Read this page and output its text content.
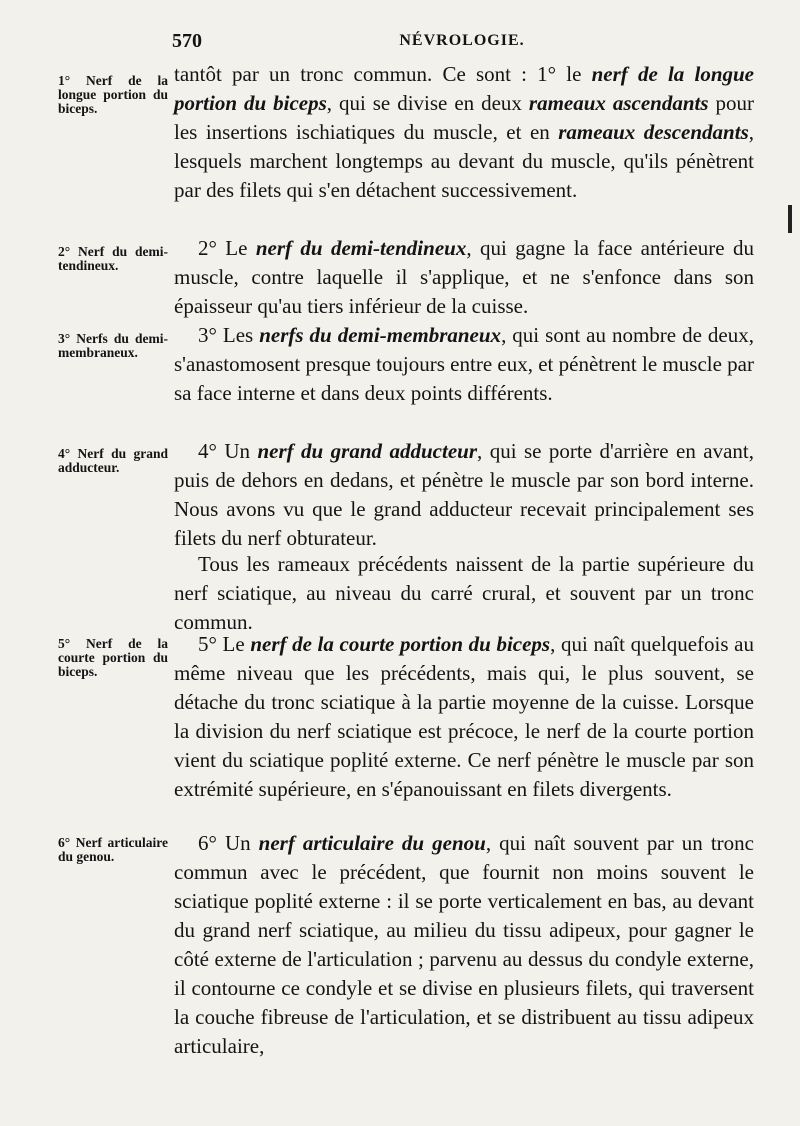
570	NÉVROLOGIE.
1° Nerf de la longue portion du biceps.
2° Nerf du demi-tendineux.
3° Nerfs du demi-membraneux.
4° Nerf du grand adducteur.
5° Nerf de la courte portion du biceps.
6° Nerf articulaire du genou.

tantôt par un tronc commun. Ce sont : 1° le nerf de la longue portion du biceps, qui se divise en deux rameaux ascendants pour les insertions ischiatiques du muscle, et en rameaux descendants, lesquels marchent longtemps au devant du muscle, qu'ils pénètrent par des filets qui s'en détachent successivement.

2° Le nerf du demi-tendineux, qui gagne la face antérieure du muscle, contre laquelle il s'applique, et ne s'enfonce dans son épaisseur qu'au tiers inférieur de la cuisse.

3° Les nerfs du demi-membraneux, qui sont au nombre de deux, s'anastomosent presque toujours entre eux, et pénètrent le muscle par sa face interne et dans deux points différents.

4° Un nerf du grand adducteur, qui se porte d'arrière en avant, puis de dehors en dedans, et pénètre le muscle par son bord interne. Nous avons vu que le grand adducteur recevait principalement ses filets du nerf obturateur.

Tous les rameaux précédents naissent de la partie supérieure du nerf sciatique, au niveau du carré crural, et souvent par un tronc commun.

5° Le nerf de la courte portion du biceps, qui naît quelquefois au même niveau que les précédents, mais qui, le plus souvent, se détache du tronc sciatique à la partie moyenne de la cuisse. Lorsque la division du nerf sciatique est précoce, le nerf de la courte portion vient du sciatique poplité externe. Ce nerf pénètre le muscle par son extrémité supérieure, en s'épanouissant en filets divergents.

6° Un nerf articulaire du genou, qui naît souvent par un tronc commun avec le précédent, que fournit non moins souvent le sciatique poplité externe : il se porte verticalement en bas, au devant du grand nerf sciatique, au milieu du tissu adipeux, pour gagner le côté externe de l'articulation ; parvenu au dessus du condyle externe, il contourne ce condyle et se divise en plusieurs filets, qui traversent la couche fibreuse de l'articulation, et se distribuent au tissu adipeux articulaire,
